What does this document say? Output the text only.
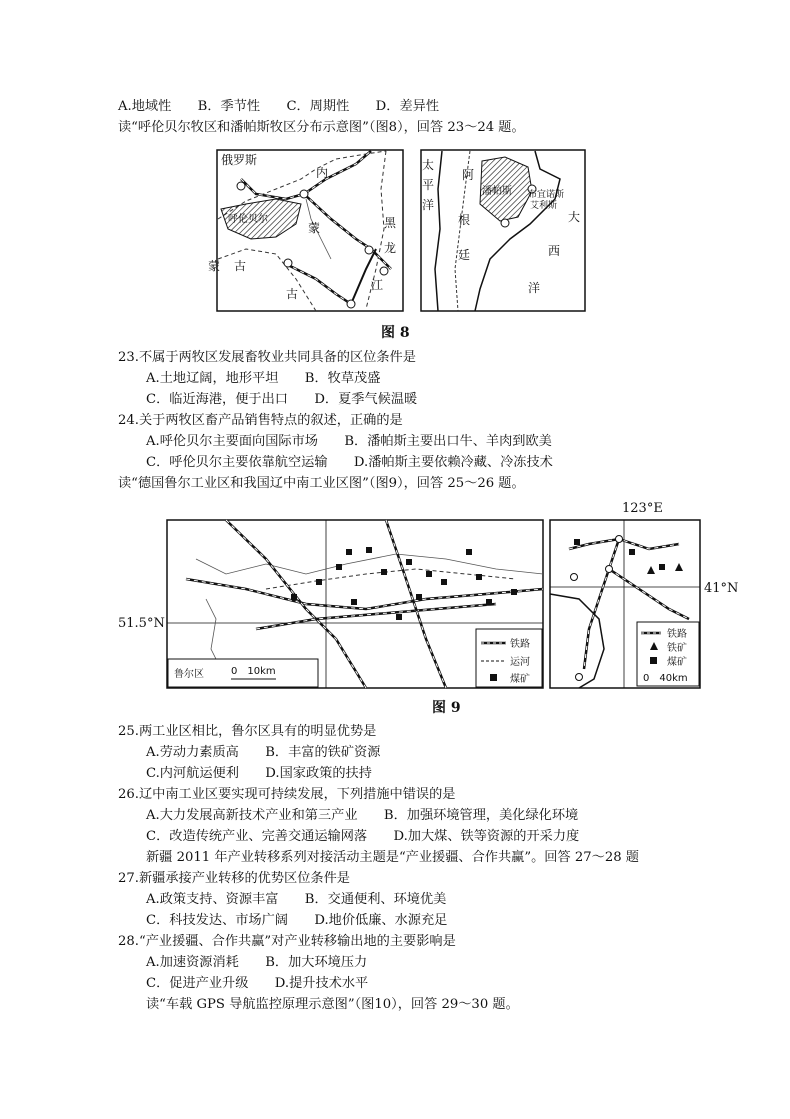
A.地域性　　B．季节性　　C．周期性　　D．差异性
读“呼伦贝尔牧区和潘帕斯牧区分布示意图”（图8），回答 23～24 题。
俄罗斯
内
蒙
呼伦贝尔	黑
龙
江
蒙 古
古
太
平
洋
阿
根
廷
潘帕斯 布宜诺斯
艾利斯
大
西
洋
图 8
23.不属于两牧区发展畜牧业共同具备的区位条件是
A.土地辽阔，地形平坦　　B．牧草茂盛
C．临近海港，便于出口　　D．夏季气候温暖
24.关于两牧区畜产品销售特点的叙述，正确的是
A.呼伦贝尔主要面向国际市场　　B．潘帕斯主要出口牛、羊肉到欧美
C．呼伦贝尔主要依靠航空运输　　D.潘帕斯主要依赖冷藏、冷冻技术
读“德国鲁尔工业区和我国辽中南工业区图”（图9），回答 25～26 题。
铁路
运河
煤矿
鲁尔区	0　10km
铁路
铁矿
煤矿
0　40km
123°E
41°N
51.5°N
图 9
25.两工业区相比，鲁尔区具有的明显优势是
A.劳动力素质高　　B．丰富的铁矿资源
C.内河航运便利　　D.国家政策的扶持
26.辽中南工业区要实现可持续发展，下列措施中错误的是
A.大力发展高新技术产业和第三产业　　B．加强环境管理，美化绿化环境
C．改造传统产业、完善交通运输网落　　D.加大煤、铁等资源的开采力度
新疆 2011 年产业转移系列对接活动主题是“产业援疆、合作共赢”。回答 27～28 题
27.新疆承接产业转移的优势区位条件是
A.政策支持、资源丰富　　B．交通便利、环境优美
C．科技发达、市场广阔　　D.地价低廉、水源充足
28.“产业援疆、合作共赢”对产业转移输出地的主要影响是
A.加速资源消耗　　B．加大环境压力
C．促进产业升级　　D.提升技术水平
读“车载 GPS 导航监控原理示意图”（图10），回答 29～30 题。
